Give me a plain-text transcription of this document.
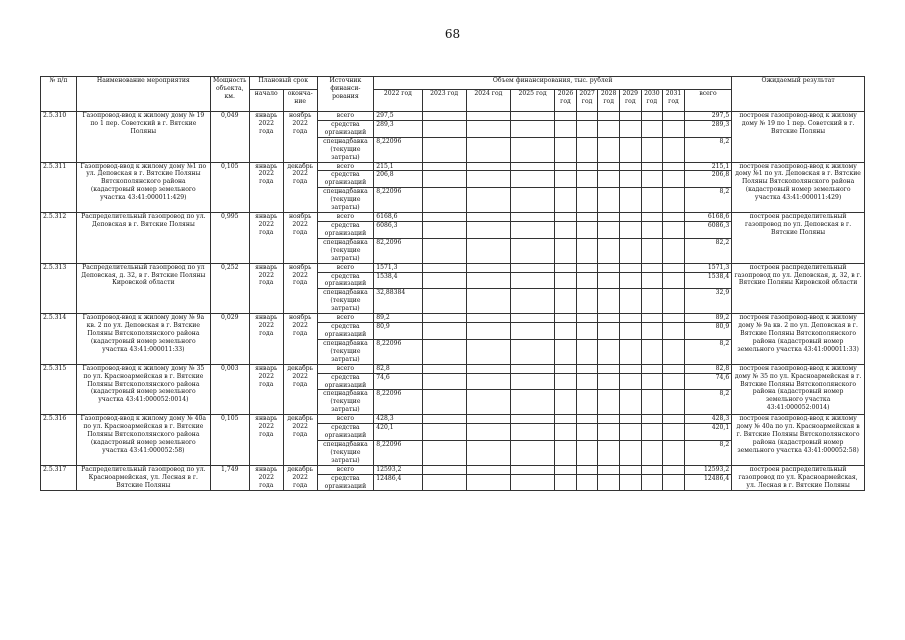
68
№ п/п	Наименование мероприятия	Мощность объекта, км.	Плановый срок		Источник финанси- рования	Объем финансирования, тыс. рублей											Ожидаемый результат
			начало	оконча- ние		2022 год	2023 год	2024 год	2025 год	2026 год	2027 год	2028 год	2029 год	2030 год	2031 год	всего	

2.5.310	Газопровод-ввод к жилому дому № 19 по 1 пер. Советский в г. Вятские Поляны	0,049	январь 2022 года	ноябрь 2022 года	всего	297,5										297,5	построен газопровод-ввод к жилому дому № 19 по 1 пер. Советский в г. Вятские Поляны
					средства организаций	289,3										289,3	
					спецнадбавка (текущие затраты)	8,22096										8,2	
2.5.311	Газопровод-ввод к жилому дому №1 по ул. Деповская в г. Вятские Поляны Вятскополянского района (кадастровый номер земельного участка 43:41:000011:429)	0,105	январь 2022 года	декабрь 2022 года	всего	215,1										215,1	построен газопровод-ввод к жилому дому №1 по ул. Деповская в г. Вятские Поляны Вятскополянского района (кадастровый номер земельного участка 43:41:000011:429)
					средства организаций	206,8										206,8	
					спецнадбавка (текущие затраты)	8,22096										8,2	
2.5.312	Распределительный газопровод по ул. Деповская в г. Вятские Поляны	0,995	январь 2022 года	ноябрь 2022 года	всего	6168,6										6168,6	построен распределительный газопровод по ул. Деповская в г. Вятские Поляны
					средства организаций	6086,3										6086,3	
					спецнадбавка (текущие затраты)	82,2096										82,2	
2.5.313	Распределительный газопровод по ул Деповская, д. 32, в г. Вятские Поляны Кировской области	0,252	январь 2022 года	ноябрь 2022 года	всего	1571,3										1571,3	построен распределительный газопровод по ул. Деповская, д. 32, в г. Вятские Поляны Кировской области
					средства организаций	1538,4										1538,4	
					спецнадбавка (текущие затраты)	32,88384										32,9	
2.5.314	Газопровод-ввод к жилому дому № 9а кв. 2 по ул. Деповская в г. Вятские Поляны Вятскополянского района (кадастровый номер земельного участка 43:41:000011:33)	0,029	январь 2022 года	ноябрь 2022 года	всего	89,2										89,2	построен газопровод-ввод к жилому дому № 9а кв. 2 по ул. Деповская в г. Вятские Поляны Вятскополянского района (кадастровый номер земельного участка 43:41:000011:33)
					средства организаций	80,9										80,9	
					спецнадбавка (текущие затраты)	8,22096										8,2	
2.5.315	Газопровод-ввод к жилому дому № 35 по ул. Красноармейская в г. Вятские Поляны Вятскополянского района (кадастровый номер земельного участка 43:41:000052:0014)	0,003	январь 2022 года	декабрь 2022 года	всего	82,8										82,8	построен газопровод-ввод к жилому дому № 35 по ул. Красноармейская в г. Вятские Поляны Вятскополянского района (кадастровый номер земельного участка 43:41:000052:0014)
					средства организаций	74,6										74,6	
					спецнадбавка (текущие затраты)	8,22096										8,2	
2.5.316	Газопровод-ввод к жилому дому № 40а по ул. Красноармейская в г. Вятские Поляны Вятскополянского района (кадастровый номер земельного участка 43:41:000052:58)	0,105	январь 2022 года	декабрь 2022 года	всего	428,3										428,3	построен газопровод-ввод к жилому дому № 40а по ул. Красноармейская в г. Вятские Поляны Вятскополянского района (кадастровый номер земельного участка 43:41:000052:58)
					средства организаций	420,1										420,1	
					спецнадбавка (текущие затраты)	8,22096										8,2	
2.5.317	Распределительный газопровод по ул. Красноармейская, ул. Лесная в г. Вятские Поляны	1,749	январь 2022 года	декабрь 2022 года	всего	12593,2										12593,2	построен распределительный газопровод по ул. Красноармейская, ул. Лесная в г. Вятские Поляны
					средства организаций	12486,4										12486,4	
